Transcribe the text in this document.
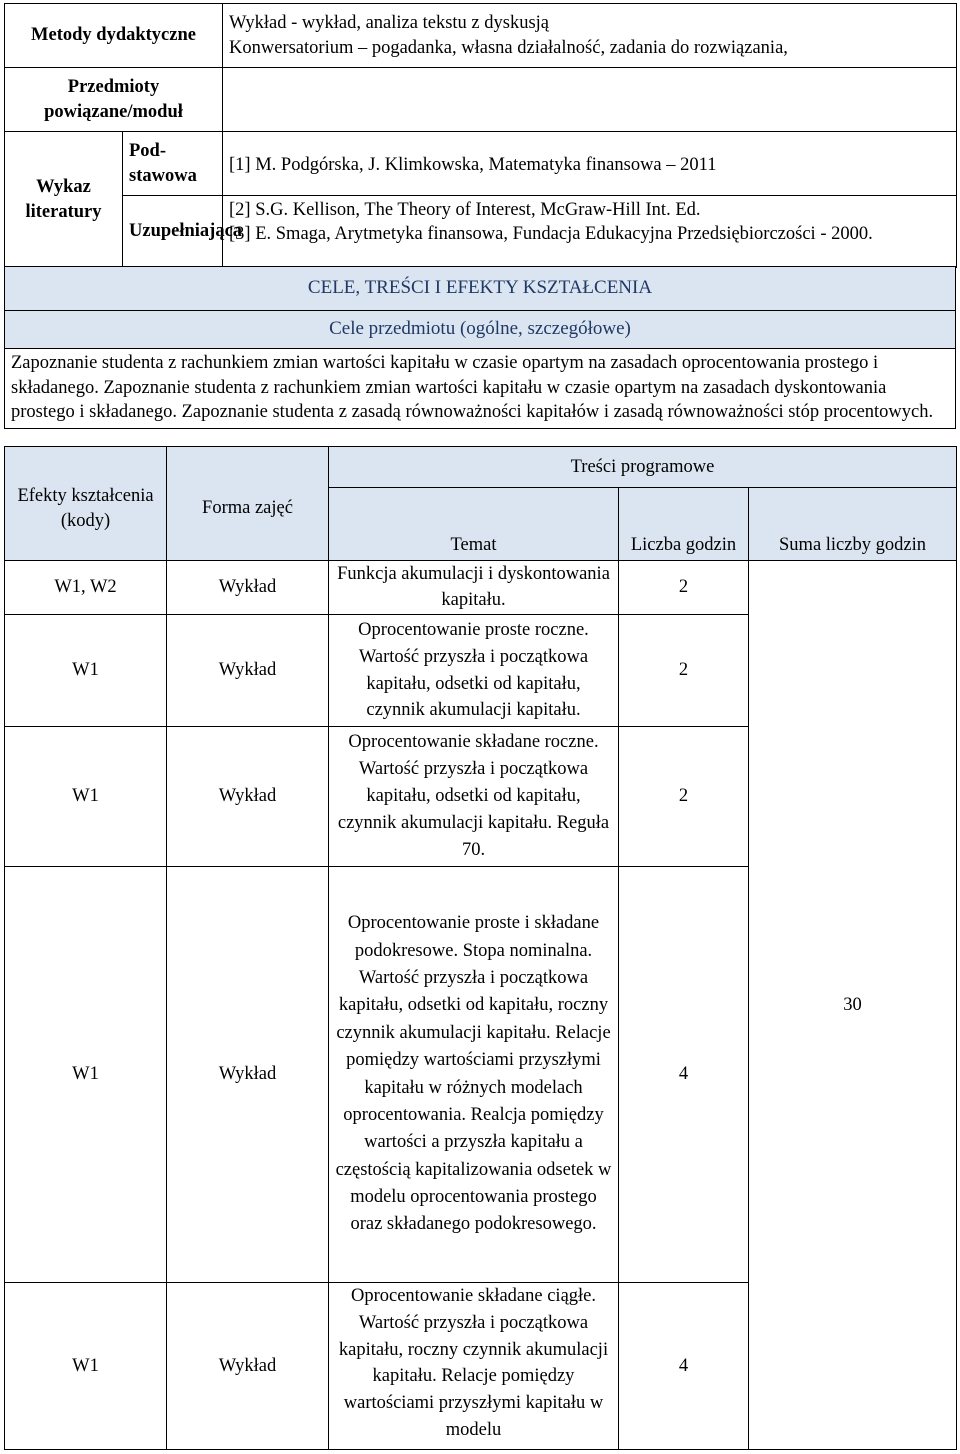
Metody dydaktyczne		Wykład - wykład, analiza tekstu z dyskusją
Konwersatorium – pogadanka, własna działalność, zadania do rozwiązania,

Przedmioty powiązane/moduł		
Wykaz literatury	Pod-stawowa	[1] M. Podgórska, J. Klimkowska, Matematyka finansowa – 2011
	Uzupełniająca	[2] S.G. Kellison, The Theory of Interest, McGraw-Hill Int. Ed.
[3] E. Smaga, Arytmetyka finansowa, Fundacja Edukacyjna Przedsiębiorczości - 2000.
CELE, TREŚCI I EFEKTY KSZTAŁCENIA
Cele przedmiotu (ogólne, szczegółowe)
Zapoznanie studenta z rachunkiem zmian wartości kapitału w czasie opartym na zasadach oprocentowania prostego i składanego. Zapoznanie studenta z rachunkiem zmian wartości kapitału w czasie opartym na zasadach dyskontowania prostego i składanego. Zapoznanie studenta z zasadą równoważności kapitałów i zasadą równoważności stóp procentowych.
Efekty kształcenia (kody)	Forma zajęć	Treści programowe		
		Temat	Liczba godzin	Suma liczby godzin
W1, W2	Wykład	Funkcja akumulacji i dyskontowania kapitału.	2	30
W1	Wykład	Oprocentowanie proste roczne. Wartość przyszła i początkowa kapitału, odsetki od kapitału, czynnik akumulacji kapitału.	2	
W1	Wykład	Oprocentowanie składane roczne. Wartość przyszła i początkowa kapitału, odsetki od kapitału, czynnik akumulacji kapitału. Reguła 70.	2	
W1	Wykład	Oprocentowanie proste i składane podokresowe. Stopa nominalna. Wartość przyszła i początkowa kapitału, odsetki od kapitału, roczny czynnik akumulacji kapitału. Relacje pomiędzy wartościami przyszłymi kapitału w różnych modelach oprocentowania. Realcja pomiędzy wartości a przyszła kapitału a częstością kapitalizowania odsetek w modelu oprocentowania prostego oraz składanego podokresowego.	4	
W1	Wykład	Oprocentowanie składane ciągłe. Wartość przyszła i początkowa kapitału, roczny czynnik akumulacji kapitału. Relacje pomiędzy wartościami przyszłymi kapitału w modelu	4	
